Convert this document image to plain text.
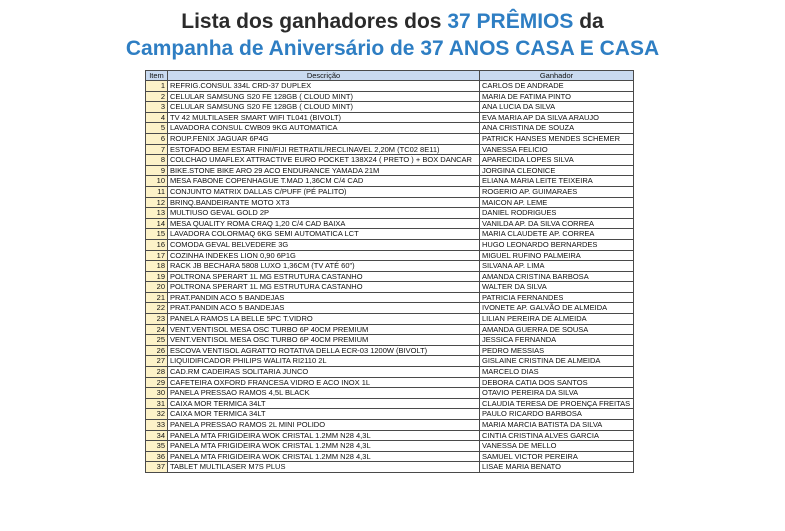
Lista dos ganhadores dos 37 PRÊMIOS da
Campanha de Aniversário de 37 ANOS CASA E CASA
Item	Descrição	Ganhador
1	REFRIG.CONSUL 334L CRD-37 DUPLEX	CARLOS DE ANDRADE
2	CELULAR SAMSUNG S20 FE 128GB ( CLOUD MINT)	MARIA DE FATIMA PINTO
3	CELULAR SAMSUNG S20 FE 128GB ( CLOUD MINT)	ANA LUCIA DA SILVA
4	TV 42 MULTILASER SMART WIFI TL041 (BIVOLT)	EVA MARIA AP DA SILVA ARAUJO
5	LAVADORA CONSUL CWB09 9KG AUTOMATICA	ANA CRISTINA DE SOUZA
6	ROUP.FENIX JAGUAR 6P4G	PATRICK HANSES MENDES SCHEMER
7	ESTOFADO BEM ESTAR FINI/FIJI RETRATIL/RECLINAVEL 2,20M (TC02 8E11)	VANESSA FELICIO
8	COLCHAO UMAFLEX ATTRACTIVE EURO POCKET 138X24 ( PRETO ) + BOX DANCAR	APARECIDA LOPES SILVA
9	BIKE.STONE BIKE ARO 29 ACO ENDURANCE YAMADA 21M	JORGINA CLEONICE
10	MESA FABONE COPENHAGUE T.MAD 1,36CM C/4 CAD	ELIANA MARIA LEITE TEIXEIRA
11	CONJUNTO MATRIX DALLAS C/PUFF (PÉ PALITO)	ROGERIO AP. GUIMARAES
12	BRINQ.BANDEIRANTE MOTO XT3	MAICON AP. LEME
13	MULTIUSO GEVAL GOLD 2P	DANIEL RODRIGUES
14	MESA QUALITY ROMA CRAQ 1,20 C/4 CAD BAIXA	VANILDA AP. DA SILVA CORREA
15	LAVADORA COLORMAQ 6KG SEMI AUTOMATICA LCT	MARIA CLAUDETE AP. CORREA
16	COMODA GEVAL BELVEDERE 3G	HUGO LEONARDO BERNARDES
17	COZINHA INDEKES LION 0,90 6P1G	MIGUEL RUFINO PALMEIRA
18	RACK JB BECHARA 5808 LUXO 1,36CM (TV ATÉ 60")	SILVANA AP. LIMA
19	POLTRONA SPERART 1L MG ESTRUTURA CASTANHO	AMANDA CRISTINA BARBOSA
20	POLTRONA SPERART 1L MG ESTRUTURA CASTANHO	WALTER DA SILVA
21	PRAT.PANDIN ACO 5 BANDEJAS	PATRICIA FERNANDES
22	PRAT.PANDIN ACO 5 BANDEJAS	IVONETE AP. GALVÃO DE ALMEIDA
23	PANELA RAMOS LA BELLE 5PC T.VIDRO	LILIAN PEREIRA DE ALMEIDA
24	VENT.VENTISOL MESA OSC TURBO 6P 40CM PREMIUM	AMANDA GUERRA DE SOUSA
25	VENT.VENTISOL MESA OSC TURBO 6P 40CM PREMIUM	JESSICA FERNANDA
26	ESCOVA VENTISOL AGRATTO ROTATIVA DELLA ECR-03 1200W (BIVOLT)	PEDRO MESSIAS
27	LIQUIDIFICADOR PHILIPS WALITA RI2110 2L	GISLAINE CRISTINA DE ALMEIDA
28	CAD.RM CADEIRAS SOLITARIA JUNCO	MARCELO DIAS
29	CAFETEIRA OXFORD FRANCESA VIDRO E ACO INOX 1L	DEBORA CATIA DOS SANTOS
30	PANELA PRESSAO RAMOS 4,5L BLACK	OTAVIO PEREIRA DA SILVA
31	CAIXA MOR TERMICA 34LT	CLAUDIA TERESA DE PROENÇA FREITAS
32	CAIXA MOR TERMICA 34LT	PAULO RICARDO BARBOSA
33	PANELA PRESSAO RAMOS 2L MINI POLIDO	MARIA MARCIA BATISTA DA SILVA
34	PANELA MTA FRIGIDEIRA WOK CRISTAL 1.2MM N28 4,3L	CINTIA CRISTINA ALVES GARCIA
35	PANELA MTA FRIGIDEIRA WOK CRISTAL 1.2MM N28 4,3L	VANESSA DE MELLO
36	PANELA MTA FRIGIDEIRA WOK CRISTAL 1.2MM N28 4,3L	SAMUEL VICTOR PEREIRA
37	TABLET MULTILASER M7S PLUS	LISAE MARIA BENATO
